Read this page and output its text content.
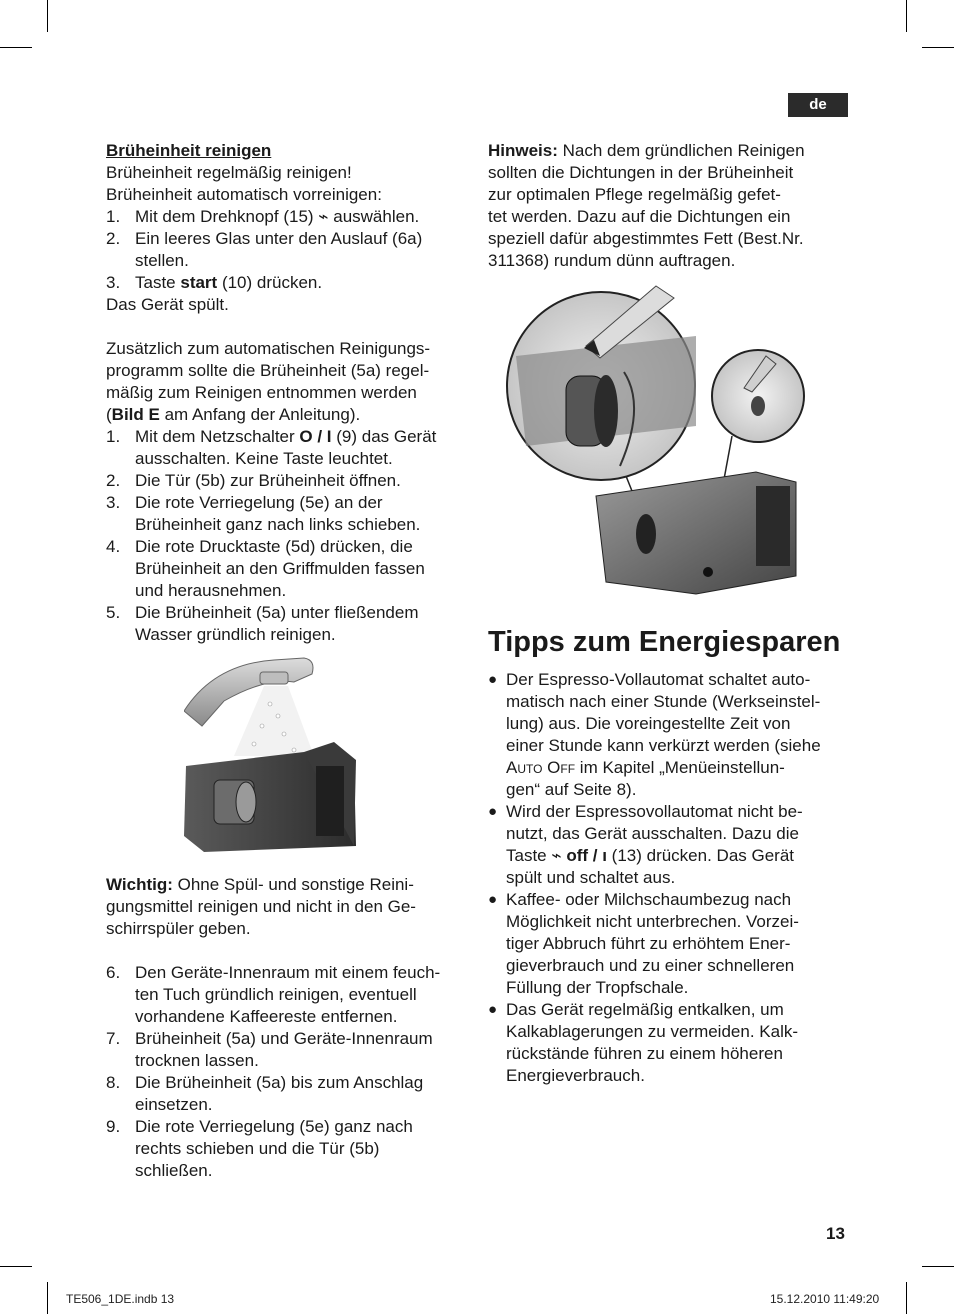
de
Brüheinheit reinigen
Brüheinheit regelmäßig reinigen!
Brüheinheit automatisch vorreinigen:
1. Mit dem Drehknopf (15) ⌁ auswählen.
2. Ein leeres Glas unter den Auslauf (6a)
stellen.
3. Taste start (10) drücken.
Das Gerät spült.
Zusätzlich zum automatischen Reinigungs-
programm sollte die Brüheinheit (5a) regel-
mäßig zum Reinigen entnommen werden
(Bild E am Anfang der Anleitung).
1. Mit dem Netzschalter O / I (9) das Gerät
ausschalten. Keine Taste leuchtet.
2. Die Tür (5b) zur Brüheinheit öffnen.
3. Die rote Verriegelung (5e) an der
Brüheinheit ganz nach links schieben.
4. Die rote Drucktaste (5d) drücken, die
Brüheinheit an den Griffmulden fassen
und herausnehmen.
5. Die Brüheinheit (5a) unter fließendem
Wasser gründlich reinigen.
Wichtig: Ohne Spül- und sonstige Reini-
gungsmittel reinigen und nicht in den Ge-
schirrspüler geben.
6. Den Geräte-Innenraum mit einem feuch-
ten Tuch gründlich reinigen, eventuell
vorhandene Kaffeereste entfernen.
7. Brüheinheit (5a) und Geräte-Innenraum
trocknen lassen.
8. Die Brüheinheit (5a) bis zum Anschlag
einsetzen.
9. Die rote Verriegelung (5e) ganz nach
rechts schieben und die Tür (5b)
schließen.
Hinweis: Nach dem gründlichen Reinigen
sollten die Dichtungen in der Brüheinheit
zur optimalen Pflege regelmäßig gefet-
tet werden. Dazu auf die Dichtungen ein
speziell dafür abgestimmtes Fett (Best.Nr.
311368) rundum dünn auftragen.
Tipps zum Energiesparen
● Der Espresso-Vollautomat schaltet auto-
matisch nach einer Stunde (Werkseinstel-
lung) aus. Die voreingestellte Zeit von
einer Stunde kann verkürzt werden (siehe
Auto Off im Kapitel „Menüeinstellun-
gen“ auf Seite 8).
● Wird der Espressovollautomat nicht be-
nutzt, das Gerät ausschalten. Dazu die
Taste ⌁ off / ı (13) drücken. Das Gerät
spült und schaltet aus.
● Kaffee- oder Milchschaumbezug nach
Möglichkeit nicht unterbrechen. Vorzei-
tiger Abbruch führt zu erhöhtem Ener-
gieverbrauch und zu einer schnelleren
Füllung der Tropfschale.
● Das Gerät regelmäßig entkalken, um
Kalkablagerungen zu vermeiden. Kalk-
rückstände führen zu einem höheren
Energieverbrauch.
13
TE506_1DE.indb 13	15.12.2010 11:49:20
